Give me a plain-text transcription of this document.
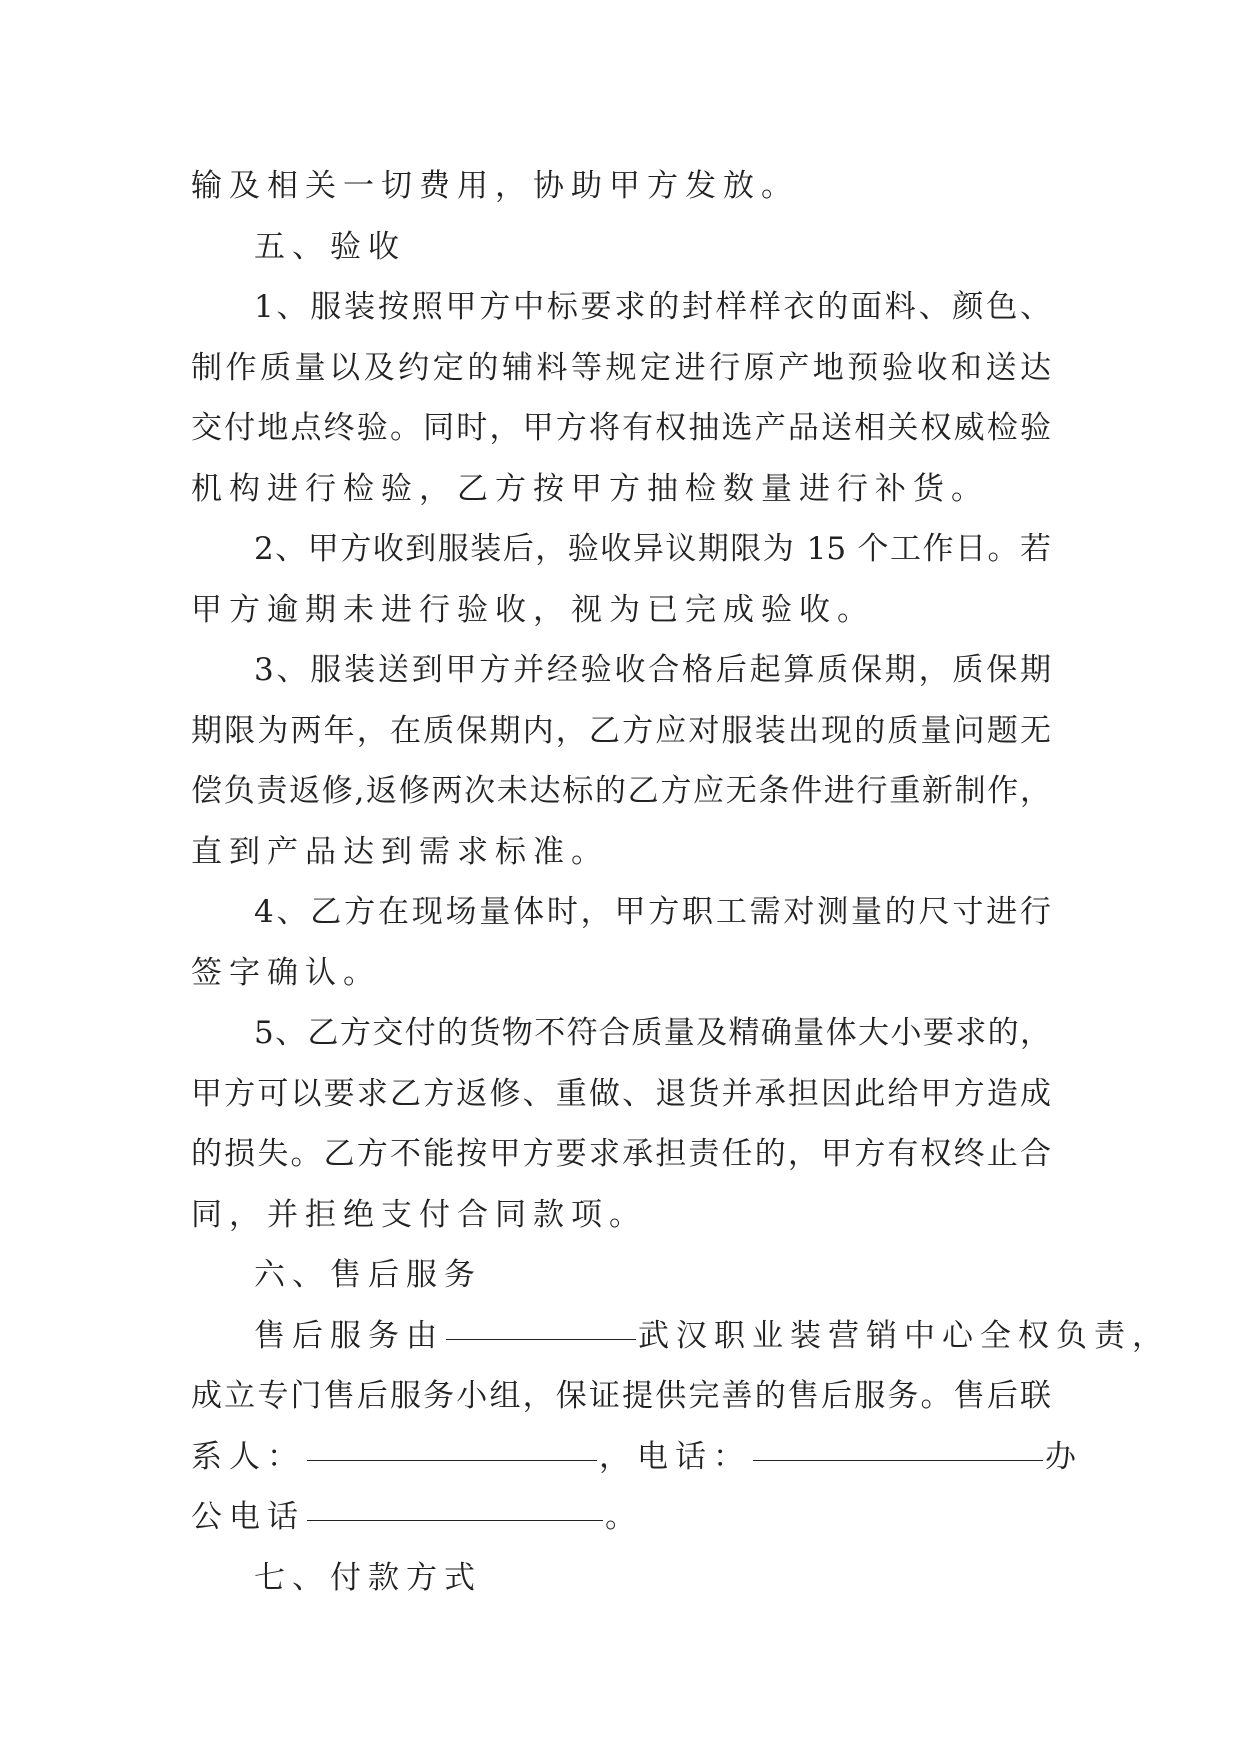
输及相关一切费用，协助甲方发放。
五、验收
1、服装按照甲方中标要求的封样样衣的面料、颜色、
制作质量以及约定的辅料等规定进行原产地预验收和送达
交付地点终验。同时，甲方将有权抽选产品送相关权威检验
机构进行检验，乙方按甲方抽检数量进行补货。
2、甲方收到服装后，验收异议期限为 15 个工作日。若
甲方逾期未进行验收，视为已完成验收。
3、服装送到甲方并经验收合格后起算质保期，质保期
期限为两年，在质保期内，乙方应对服装出现的质量问题无
偿负责返修,返修两次未达标的乙方应无条件进行重新制作，
直到产品达到需求标准。
4、乙方在现场量体时，甲方职工需对测量的尺寸进行
签字确认。
5、乙方交付的货物不符合质量及精确量体大小要求的，
甲方可以要求乙方返修、重做、退货并承担因此给甲方造成
的损失。乙方不能按甲方要求承担责任的，甲方有权终止合
同，并拒绝支付合同款项。
六、售后服务
售后服务由	武汉职业装营销中心全权负责，
成立专门售后服务小组，保证提供完善的售后服务。售后联
系人：	，电话：	办
公电话	。
七、付款方式
